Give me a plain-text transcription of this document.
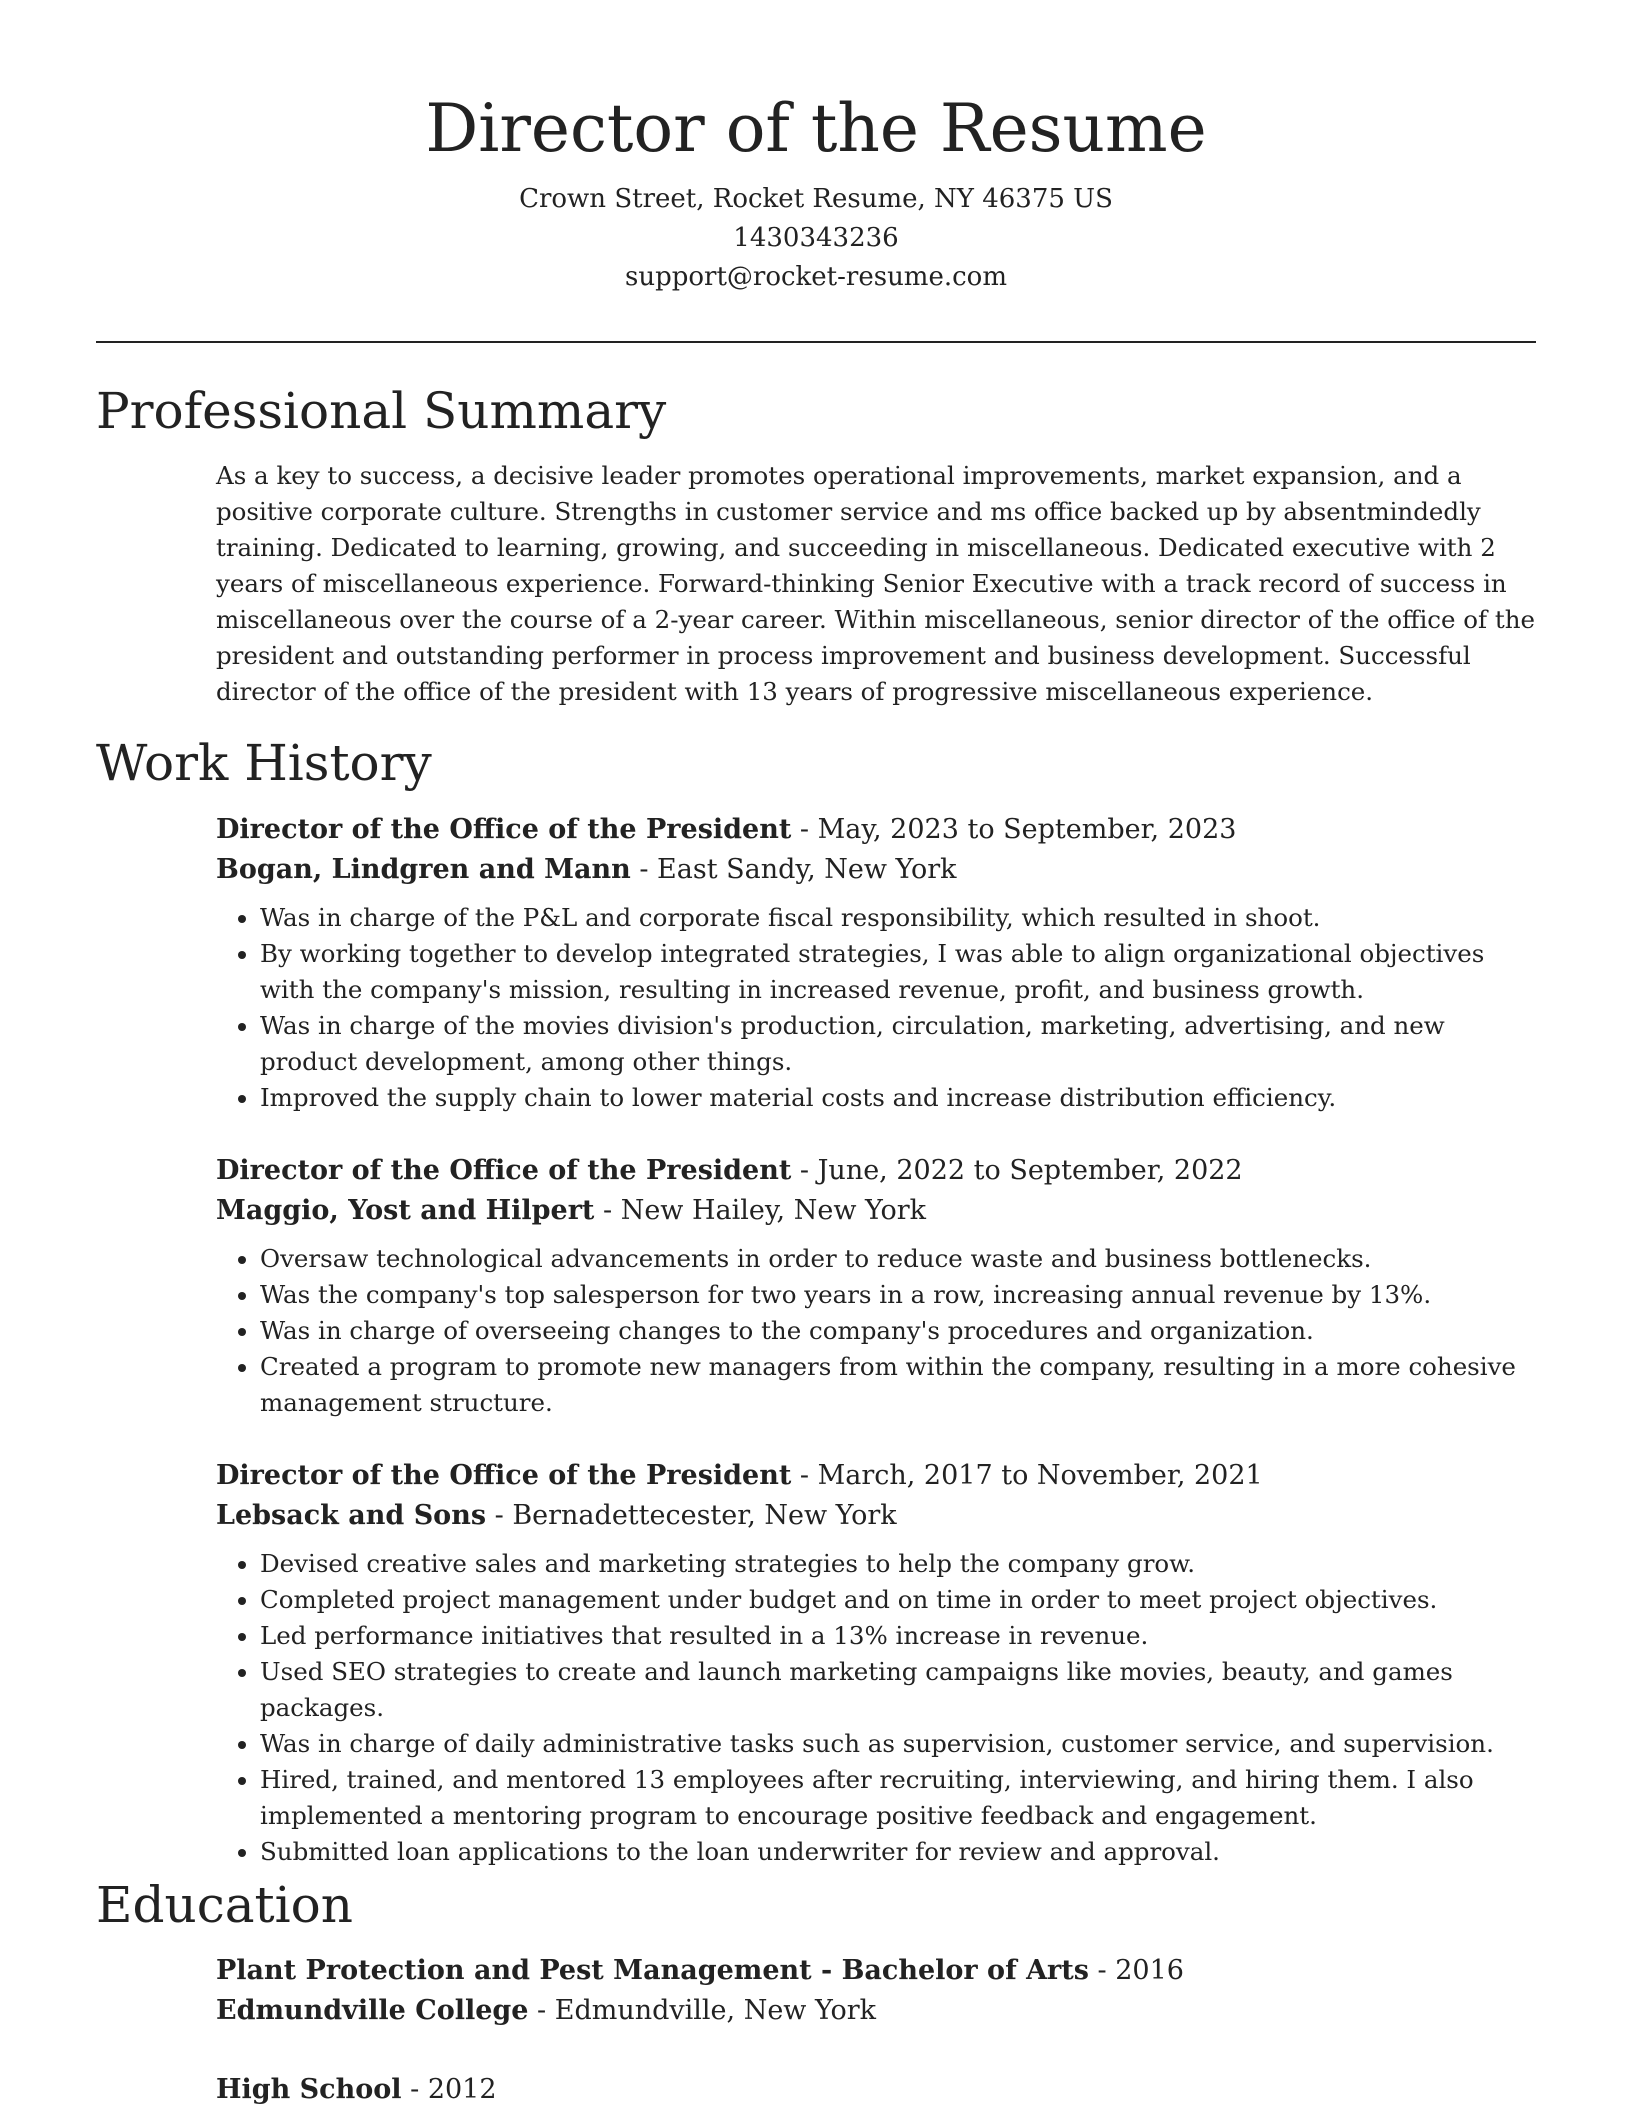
Director of the Resume

Crown Street, Rocket Resume, NY 46375 US

1430343236

support@rocket-resume.com

Professional Summary

As a key to success, a decisive leader promotes operational improvements, market expansion, and a positive corporate culture. Strengths in customer service and ms office backed up by absentmindedly training. Dedicated to learning, growing, and succeeding in miscellaneous. Dedicated executive with 2 years of miscellaneous experience. Forward-thinking Senior Executive with a track record of success in miscellaneous over the course of a 2-year career. Within miscellaneous, senior director of the office of the president and outstanding performer in process improvement and business development. Successful director of the office of the president with 13 years of progressive miscellaneous experience.

Work History

Director of the Office of the President - May, 2023 to September, 2023

Bogan, Lindgren and Mann - East Sandy, New York

• Was in charge of the P&L and corporate fiscal responsibility, which resulted in shoot.
• By working together to develop integrated strategies, I was able to align organizational objectives with the company's mission, resulting in increased revenue, profit, and business growth.
• Was in charge of the movies division's production, circulation, marketing, advertising, and new product development, among other things.
• Improved the supply chain to lower material costs and increase distribution efficiency.

Director of the Office of the President - June, 2022 to September, 2022

Maggio, Yost and Hilpert - New Hailey, New York

• Oversaw technological advancements in order to reduce waste and business bottlenecks.
• Was the company's top salesperson for two years in a row, increasing annual revenue by 13%.
• Was in charge of overseeing changes to the company's procedures and organization.
• Created a program to promote new managers from within the company, resulting in a more cohesive management structure.

Director of the Office of the President - March, 2017 to November, 2021

Lebsack and Sons - Bernadettecester, New York

• Devised creative sales and marketing strategies to help the company grow.
• Completed project management under budget and on time in order to meet project objectives.
• Led performance initiatives that resulted in a 13% increase in revenue.
• Used SEO strategies to create and launch marketing campaigns like movies, beauty, and games packages.
• Was in charge of daily administrative tasks such as supervision, customer service, and supervision.
• Hired, trained, and mentored 13 employees after recruiting, interviewing, and hiring them. I also implemented a mentoring program to encourage positive feedback and engagement.
• Submitted loan applications to the loan underwriter for review and approval.
Education

Plant Protection and Pest Management - Bachelor of Arts - 2016

Edmundville College - Edmundville, New York

High School - 2012
